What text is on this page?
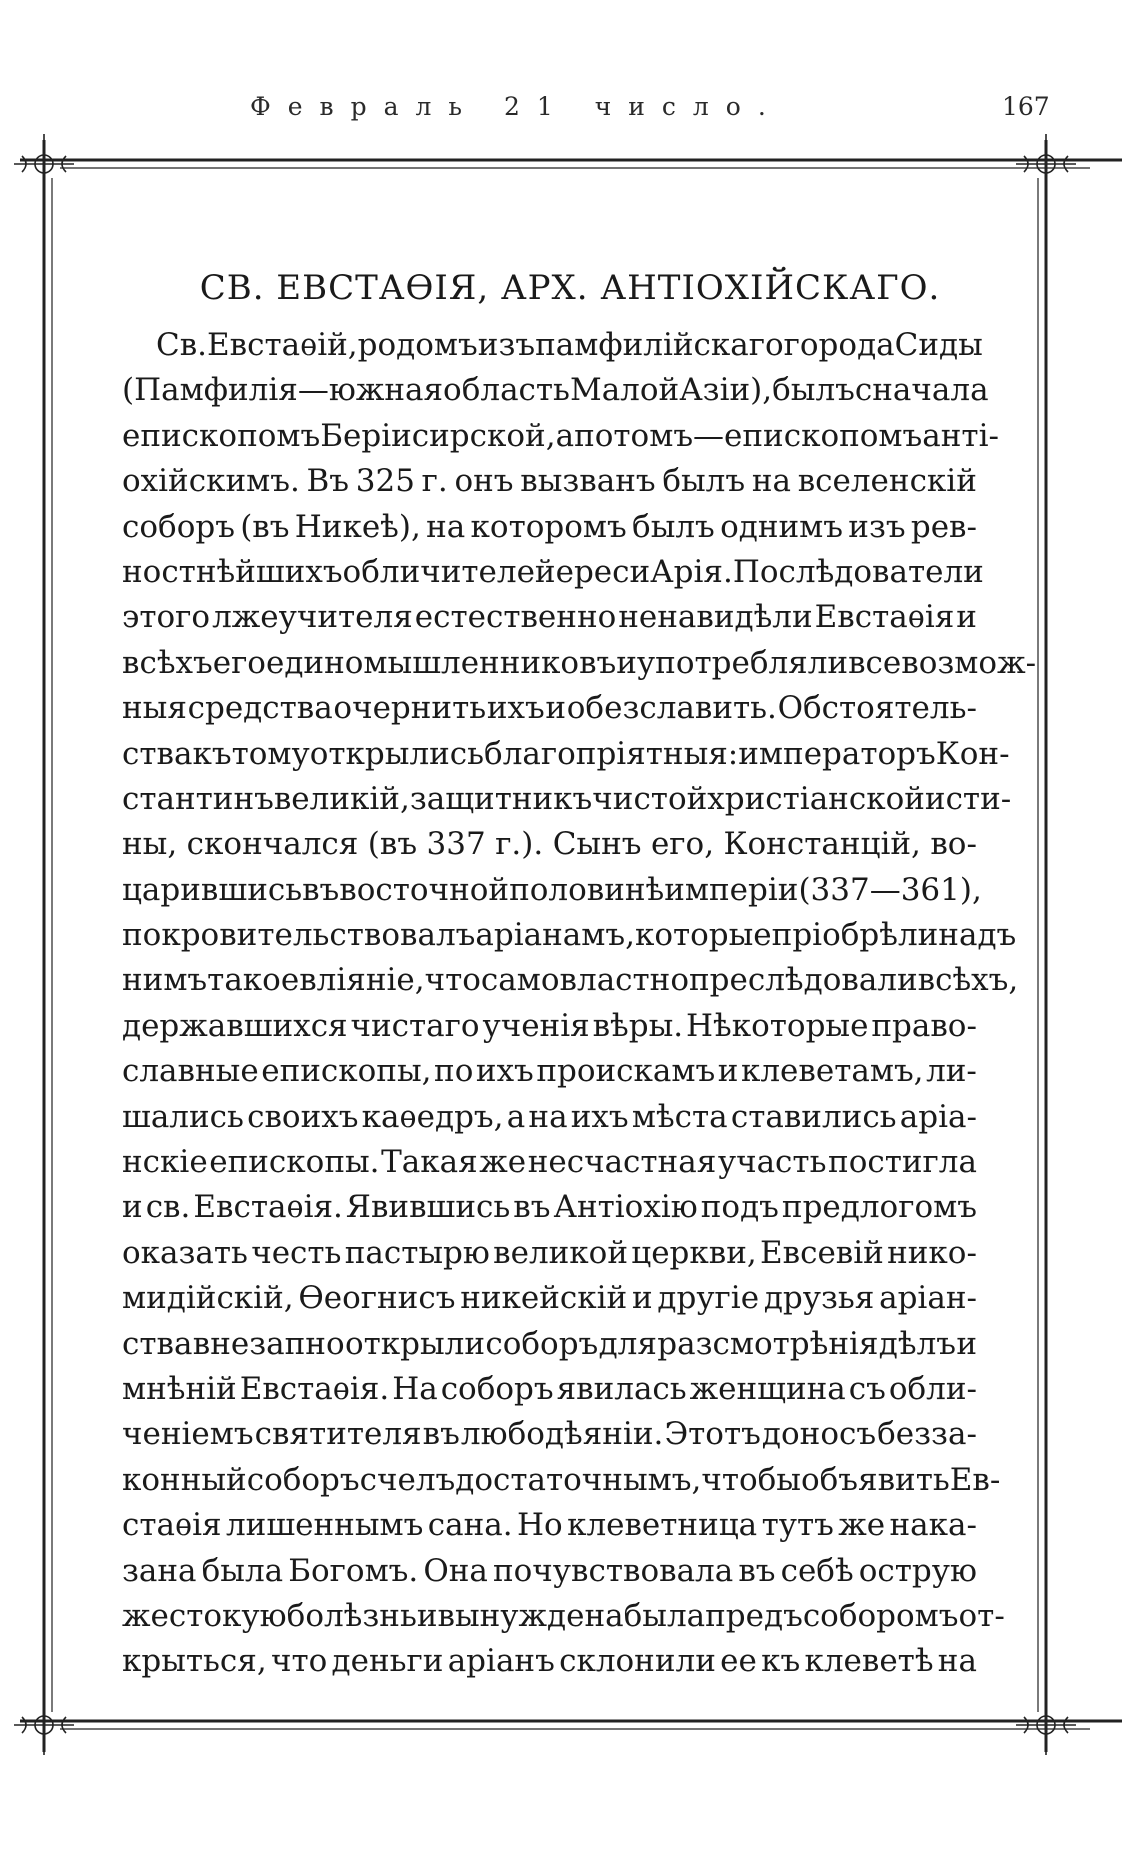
Февраль 21 число.	167
СВ. ЕВСТАѲІЯ, АРХ. АНТІОХІЙСКАГО.
Св. Евстаѳій, родомъ изъ памфилійскаго города Сиды
(Памфилія — южная область Малой Азіи), былъ сначала
епископомъ Беріи сирской, а потомъ—епископомъ анті-
охійскимъ. Въ 325 г. онъ вызванъ былъ на вселенскій
соборъ (въ Никеѣ), на которомъ былъ однимъ изъ рев-
ностнѣйшихъ обличителей ереси Арія. Послѣдователи
этого лжеучителя естественно ненавидѣли Евстаѳія и
всѣхъ его единомышленниковъ и употребляли всевозмож-
ныя средства очернить ихъ и обезславить. Обстоятель-
ства къ тому открылись благопріятныя: императоръ Кон-
стантинъ великій, защитникъ чистой христіанской исти-
ны, скончался (въ 337 г.). Сынъ его, Констанцій, во-
царившись въ восточной половинѣ имперіи (337—361),
покровительствовалъ аріанамъ, которые пріобрѣли надъ
нимъ такое вліяніе, что самовластно преслѣдовали всѣхъ,
державшихся чистаго ученія вѣры. Нѣкоторые право-
славные епископы, по ихъ проискамъ и клеветамъ, ли-
шались своихъ каѳедръ, а на ихъ мѣста ставились аріа-
нскіе епископы. Такая же несчастная участь постигла
и св. Евстаѳія. Явившись въ Антіохію подъ предлогомъ
оказать честь пастырю великой церкви, Евсевій нико-
мидійскій, Ѳеогнисъ никейскій и другіе друзья аріан-
ства внезапно открыли соборъ для разсмотрѣнія дѣлъ и
мнѣній Евстаѳія. На соборъ явилась женщина съ обли-
ченіемъ святителя въ любодѣяніи. Этотъ доносъ безза-
конный соборъ счелъ достаточнымъ, чтобы объявить Ев-
стаѳія лишеннымъ сана. Но клеветница тутъ же нака-
зана была Богомъ. Она почувствовала въ себѣ острую
жестокую болѣзнь и вынуждена была предъ соборомъ от-
крыться, что деньги аріанъ склонили ее къ клеветѣ на
